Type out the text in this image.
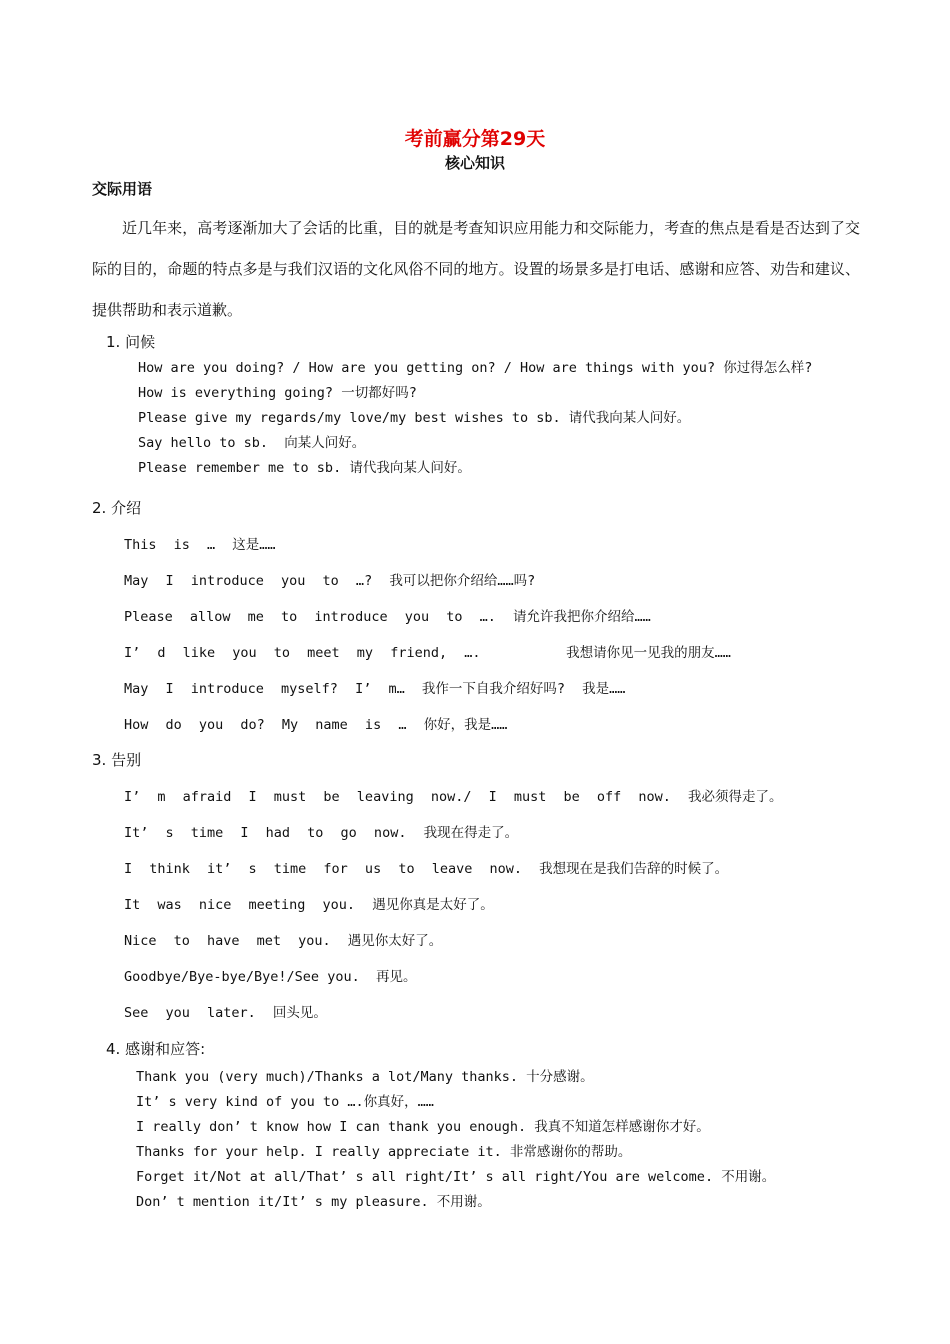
考前赢分第29天
核心知识
交际用语
近几年来，高考逐渐加大了会话的比重，目的就是考查知识应用能力和交际能力，考查的焦点是看是否达到了交际的目的，命题的特点多是与我们汉语的文化风俗不同的地方。设置的场景多是打电话、感谢和应答、劝告和建议、提供帮助和表示道歉。
1. 问候
How are you doing? / How are you getting on? / How are things with you? 你过得怎么样?
How is everything going? 一切都好吗?
Please give my regards/my love/my best wishes to sb. 请代我向某人问好。
Say hello to sb.  向某人问好。
Please remember me to sb. 请代我向某人问好。
2. 介绍
This is … 这是……
May I introduce you to …? 我可以把你介绍给……吗?
Please allow me to introduce you to …. 请允许我把你介绍给……
I’ d like you to meet my friend, ….     我想请你见一见我的朋友……
May I introduce myself? I’ m… 我作一下自我介绍好吗? 我是……
How do you do? My name is … 你好，我是……
3. 告别
I’ m afraid I must be leaving now./ I must be off now. 我必须得走了。
It’ s time I had to go now. 我现在得走了。
I think it’ s time for us to leave now. 我想现在是我们告辞的时候了。
It was nice meeting you. 遇见你真是太好了。
Nice to have met you. 遇见你太好了。
Goodbye/Bye-bye/Bye!/See you.  再见。
See you later. 回头见。
4. 感谢和应答:
Thank you (very much)/Thanks a lot/Many thanks. 十分感谢。
It’ s very kind of you to ….你真好，……
I really don’ t know how I can thank you enough. 我真不知道怎样感谢你才好。
Thanks for your help. I really appreciate it. 非常感谢你的帮助。
Forget it/Not at all/That’ s all right/It’ s all right/You are welcome. 不用谢。
Don’ t mention it/It’ s my pleasure. 不用谢。
